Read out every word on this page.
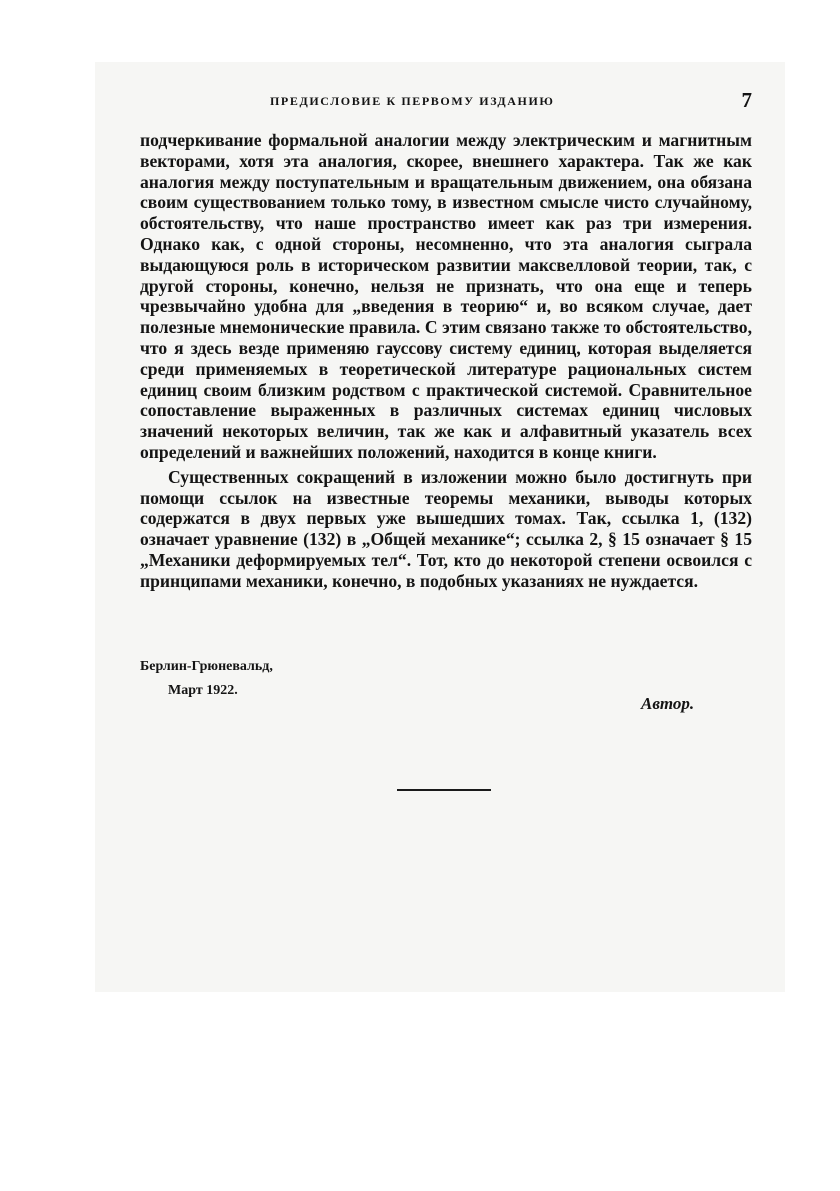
ПРЕДИСЛОВИЕ К ПЕРВОМУ ИЗДАНИЮ	7

подчеркивание формальной аналогии между электрическим и магнитным векторами, хотя эта аналогия, скорее, внешнего характера. Так же как аналогия между поступательным и вращательным движением, она обязана своим существованием только тому, в известном смысле чисто случайному, обстоятельству, что наше пространство имеет как раз три измерения. Однако как, с одной стороны, несомненно, что эта аналогия сыграла выдающуюся роль в историческом развитии максвелловой теории, так, с другой стороны, конечно, нельзя не признать, что она еще и теперь чрезвычайно удобна для „введения в теорию“ и, во всяком случае, дает полезные мнемонические правила. С этим связано также то обстоятельство, что я здесь везде применяю гауссову систему единиц, которая выделяется среди применяемых в теоретической литературе рациональных систем единиц своим близким родством с практической системой. Сравнительное сопоставление выраженных в различных системах единиц числовых значений некоторых величин, так же как и алфавитный указатель всех определений и важнейших положений, находится в конце книги.

Существенных сокращений в изложении можно было достигнуть при помощи ссылок на известные теоремы механики, выводы которых содержатся в двух первых уже вышедших томах. Так, ссылка 1, (132) означает уравнение (132) в „Общей механике“; ссылка 2, § 15 означает § 15 „Механики деформируемых тел“. Тот, кто до некоторой степени освоился с принципами механики, конечно, в подобных указаниях не нуждается.

Берлин-Грюневальд,
Март 1922.
Автор.
